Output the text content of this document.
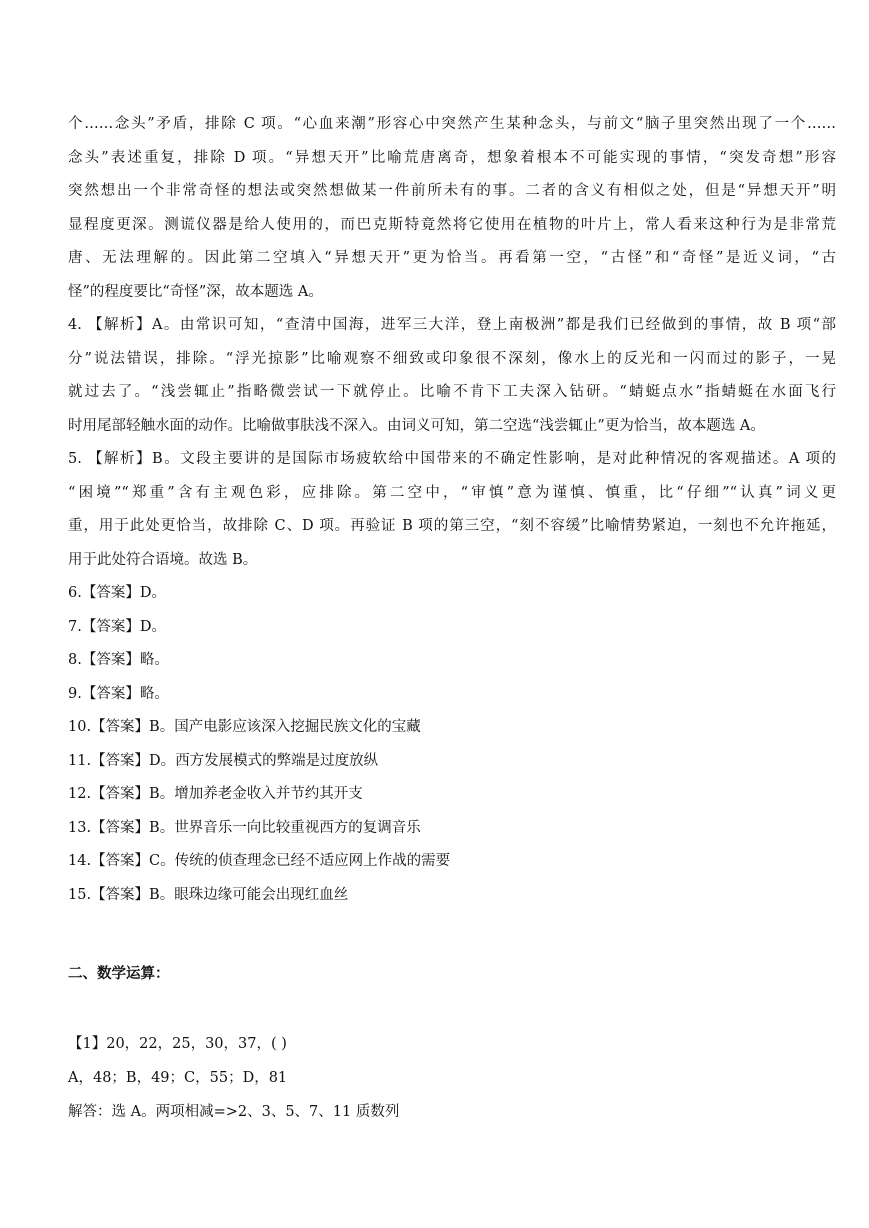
个……念头”矛盾，排除 C 项。“心血来潮”形容心中突然产生某种念头，与前文“脑子里突然出现了一个……
念头”表述重复，排除 D 项。“异想天开”比喻荒唐离奇，想象着根本不可能实现的事情，“突发奇想”形容
突然想出一个非常奇怪的想法或突然想做某一件前所未有的事。二者的含义有相似之处，但是“异想天开”明
显程度更深。测谎仪器是给人使用的，而巴克斯特竟然将它使用在植物的叶片上，常人看来这种行为是非常荒
唐、无法理解的。因此第二空填入“异想天开”更为恰当。再看第一空，“古怪”和“奇怪”是近义词，“古
怪”的程度要比“奇怪”深，故本题选 A。

4. 【解析】A。由常识可知，“查清中国海，进军三大洋，登上南极洲”都是我们已经做到的事情，故 B 项“部
分”说法错误，排除。“浮光掠影”比喻观察不细致或印象很不深刻，像水上的反光和一闪而过的影子，一晃
就过去了。“浅尝辄止”指略微尝试一下就停止。比喻不肯下工夫深入钻研。“蜻蜓点水”指蜻蜓在水面飞行
时用尾部轻触水面的动作。比喻做事肤浅不深入。由词义可知，第二空选“浅尝辄止”更为恰当，故本题选 A。

5. 【解析】B。文段主要讲的是国际市场疲软给中国带来的不确定性影响，是对此种情况的客观描述。A 项的
“困境”“郑重”含有主观色彩，应排除。第二空中，“审慎”意为谨慎、慎重，比“仔细”“认真”词义更
重，用于此处更恰当，故排除 C、D 项。再验证 B 项的第三空，“刻不容缓”比喻情势紧迫，一刻也不允许拖延，
用于此处符合语境。故选 B。

6.【答案】D。

7.【答案】D。

8.【答案】略。

9.【答案】略。

10.【答案】B。国产电影应该深入挖掘民族文化的宝藏

11.【答案】D。西方发展模式的弊端是过度放纵

12.【答案】B。增加养老金收入并节约其开支

13.【答案】B。世界音乐一向比较重视西方的复调音乐

14.【答案】C。传统的侦查理念已经不适应网上作战的需要

15.【答案】B。眼珠边缘可能会出现红血丝

二、数学运算：

【1】20，22，25，30，37，( )

A，48；B，49；C，55；D，81

解答：选 A。两项相减=>2、3、5、7、11 质数列
